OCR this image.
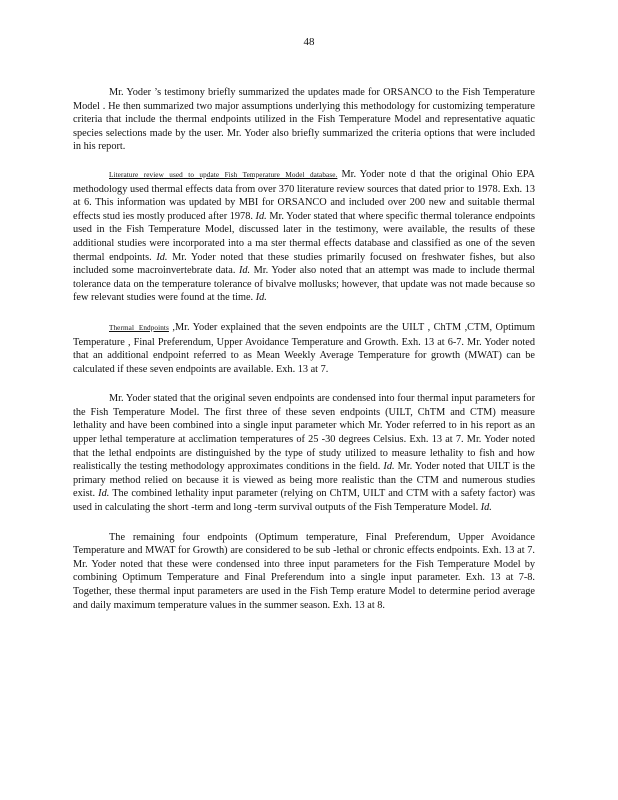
48

Mr. Yoder ’s testimony briefly summarized the updates made for ORSANCO to the Fish Temperature Model . He then summarized two major assumptions underlying this methodology for customizing temperature criteria that include the thermal endpoints utilized in the Fish Temperature Model and representative aquatic species selections made by the user. Mr. Yoder also briefly summarized the criteria options that were included in his report.

Literature review used to update Fish Temperature Model database. Mr. Yoder note d that the original Ohio EPA methodology used thermal effects data from over 370 literature review sources that dated prior to 1978. Exh. 13 at 6. This information was updated by MBI for ORSANCO and included over 200 new and suitable thermal effects stud ies mostly produced after 1978. Id. Mr. Yoder stated that where specific thermal tolerance endpoints used in the Fish Temperature Model, discussed later in the testimony, were available, the results of these additional studies were incorporated into a ma ster thermal effects database and classified as one of the seven thermal endpoints. Id. Mr. Yoder noted that these studies primarily focused on freshwater fishes, but also included some macroinvertebrate data. Id. Mr. Yoder also noted that an attempt was made to include thermal tolerance data on the temperature tolerance of bivalve mollusks; however, that update was not made because so few relevant studies were found at the time. Id.

Thermal Endpoints ,Mr. Yoder explained that the seven endpoints are the UILT , ChTM ,CTM, Optimum Temperature , Final Preferendum, Upper Avoidance Temperature and Growth. Exh. 13 at 6-7. Mr. Yoder noted that an additional endpoint referred to as Mean Weekly Average Temperature for growth (MWAT) can be calculated if these seven endpoints are available. Exh. 13 at 7.

Mr. Yoder stated that the original seven endpoints are condensed into four thermal input parameters for the Fish Temperature Model. The first three of these seven endpoints (UILT, ChTM and CTM) measure lethality and have been combined into a single input parameter which Mr. Yoder referred to in his report as an upper lethal temperature at acclimation temperatures of 25 -30 degrees Celsius. Exh. 13 at 7. Mr. Yoder noted that the lethal endpoints are distinguished by the type of study utilized to measure lethality to fish and how realistically the testing methodology approximates conditions in the field. Id. Mr. Yoder noted that UILT is the primary method relied on because it is viewed as being more realistic than the CTM and numerous studies exist. Id. The combined lethality input parameter (relying on ChTM, UILT and CTM with a safety factor) was used in calculating the short -term and long -term survival outputs of the Fish Temperature Model. Id.

The remaining four endpoints (Optimum temperature, Final Preferendum, Upper Avoidance Temperature and MWAT for Growth) are considered to be sub -lethal or chronic effects endpoints. Exh. 13 at 7. Mr. Yoder noted that these were condensed into three input parameters for the Fish Temperature Model by combining Optimum Temperature and Final Preferendum into a single input parameter. Exh. 13 at 7-8. Together, these thermal input parameters are used in the Fish Temp erature Model to determine period average and daily maximum temperature values in the summer season. Exh. 13 at 8.
